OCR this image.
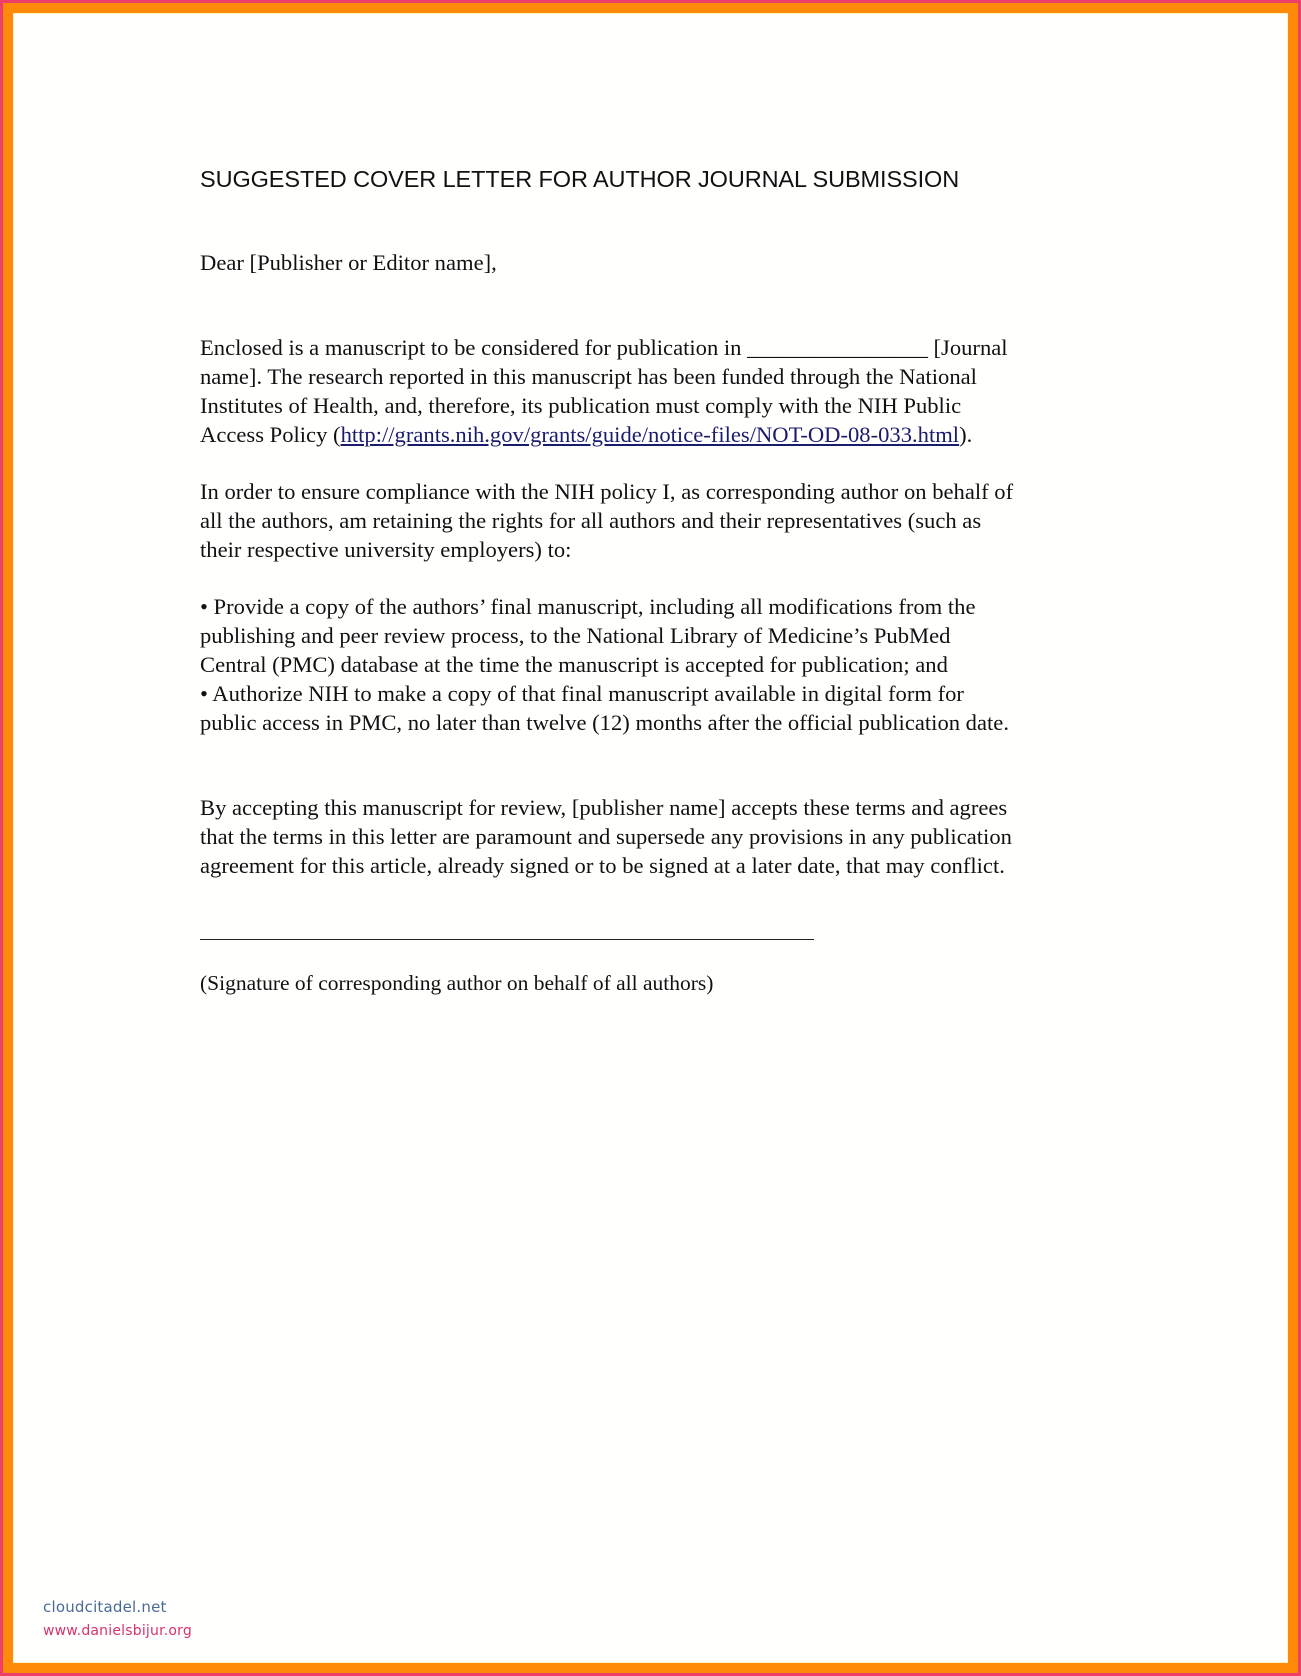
SUGGESTED COVER LETTER FOR AUTHOR JOURNAL SUBMISSION
Dear [Publisher or Editor name],
Enclosed is a manuscript to be considered for publication in ________________ [Journal
name]. The research reported in this manuscript has been funded through the National
Institutes of Health, and, therefore, its publication must comply with the NIH Public
Access Policy (http://grants.nih.gov/grants/guide/notice-files/NOT-OD-08-033.html).
In order to ensure compliance with the NIH policy I, as corresponding author on behalf of
all the authors, am retaining the rights for all authors and their representatives (such as
their respective university employers) to:
• Provide a copy of the authors’ final manuscript, including all modifications from the
publishing and peer review process, to the National Library of Medicine’s PubMed
Central (PMC) database at the time the manuscript is accepted for publication; and
• Authorize NIH to make a copy of that final manuscript available in digital form for
public access in PMC, no later than twelve (12) months after the official publication date.
By accepting this manuscript for review, [publisher name] accepts these terms and agrees
that the terms in this letter are paramount and supersede any provisions in any publication
agreement for this article, already signed or to be signed at a later date, that may conflict.
(Signature of corresponding author on behalf of all authors)
cloudcitadel.net
www.danielsbijur.org
